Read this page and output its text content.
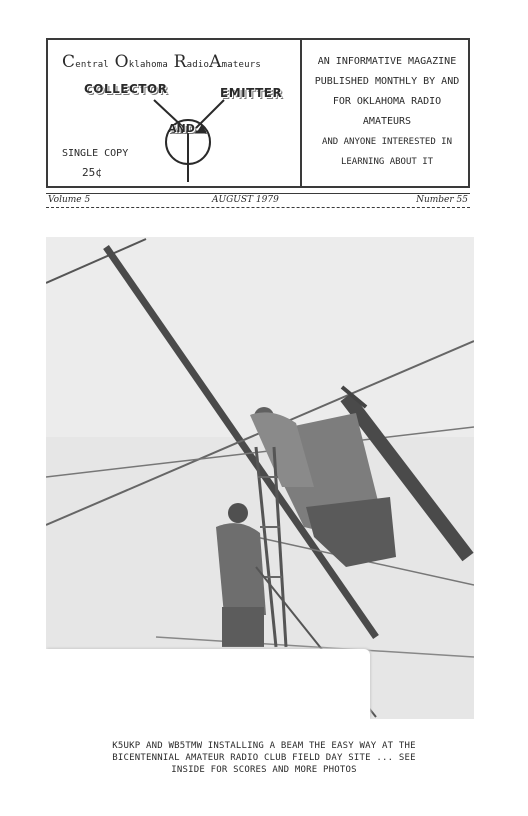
Central Oklahoma RadioAmateurs
COLLECTOR	EMITTER
AND
SINGLE COPY
25¢
AN INFORMATIVE MAGAZINE
PUBLISHED MONTHLY BY AND
FOR OKLAHOMA RADIO
AMATEURS
AND ANYONE INTERESTED IN
LEARNING ABOUT IT
Volume 5	AUGUST 1979	Number 55
K5UKP AND WB5TMW INSTALLING A BEAM THE EASY WAY AT THE
BICENTENNIAL AMATEUR RADIO CLUB FIELD DAY SITE ... SEE
INSIDE FOR SCORES AND MORE PHOTOS
